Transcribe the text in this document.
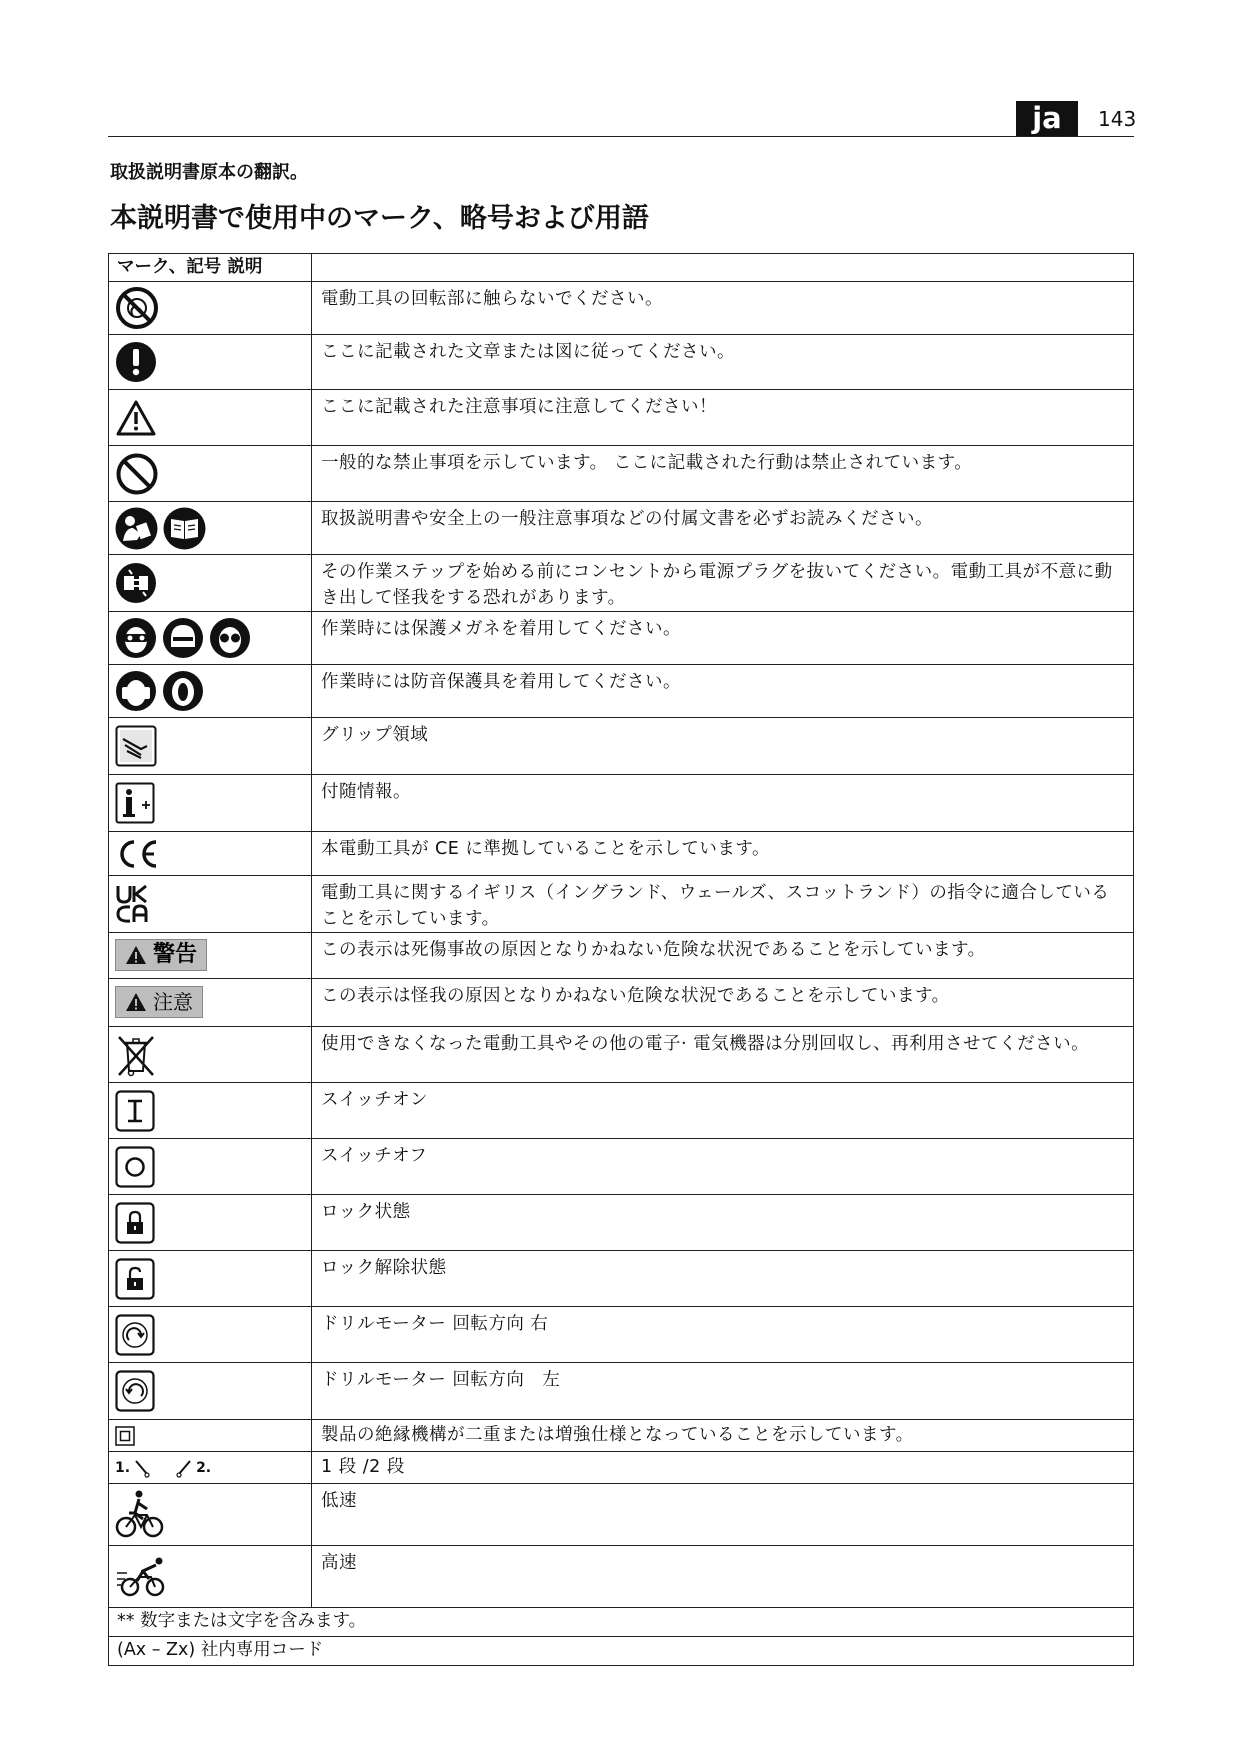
ja	143
取扱説明書原本の翻訳。
本説明書で使用中のマーク、略号および用語
マーク、記号 説明	

	電動工具の回転部に触らないでください。

	ここに記載された文章または図に従ってください。

	ここに記載された注意事項に注意してください！

	一般的な禁止事項を示しています。 ここに記載された行動は禁止されています。

	取扱説明書や安全上の一般注意事項などの付属文書を必ずお読みください。

	その作業ステップを始める前にコンセントから電源プラグを抜いてください。電動工具が不意に動き出して怪我をする恐れがあります。

	作業時には保護メガネを着用してください。

	作業時には防音保護具を着用してください。

	グリップ領域

	付随情報。

	本電動工具が CE に準拠していることを示しています。

	電動工具に関するイギリス（イングランド、ウェールズ、スコットランド）の指令に適合していることを示しています。

警告	この表示は死傷事故の原因となりかねない危険な状況であることを示しています。

注意	この表示は怪我の原因となりかねない危険な状況であることを示しています。

	使用できなくなった電動工具やその他の電子· 電気機器は分別回収し、再利用させてください。

	スイッチオン

	スイッチオフ

	ロック状態

	ロック解除状態

	ドリルモーター 回転方向 右

	ドリルモーター 回転方向　左

	製品の絶縁機構が二重または増強仕様となっていることを示しています。

1. 2.	1 段 /2 段

	低速

	高速
** 数字または文字を含みます。	
(Ax – Zx) 社内専用コード	
